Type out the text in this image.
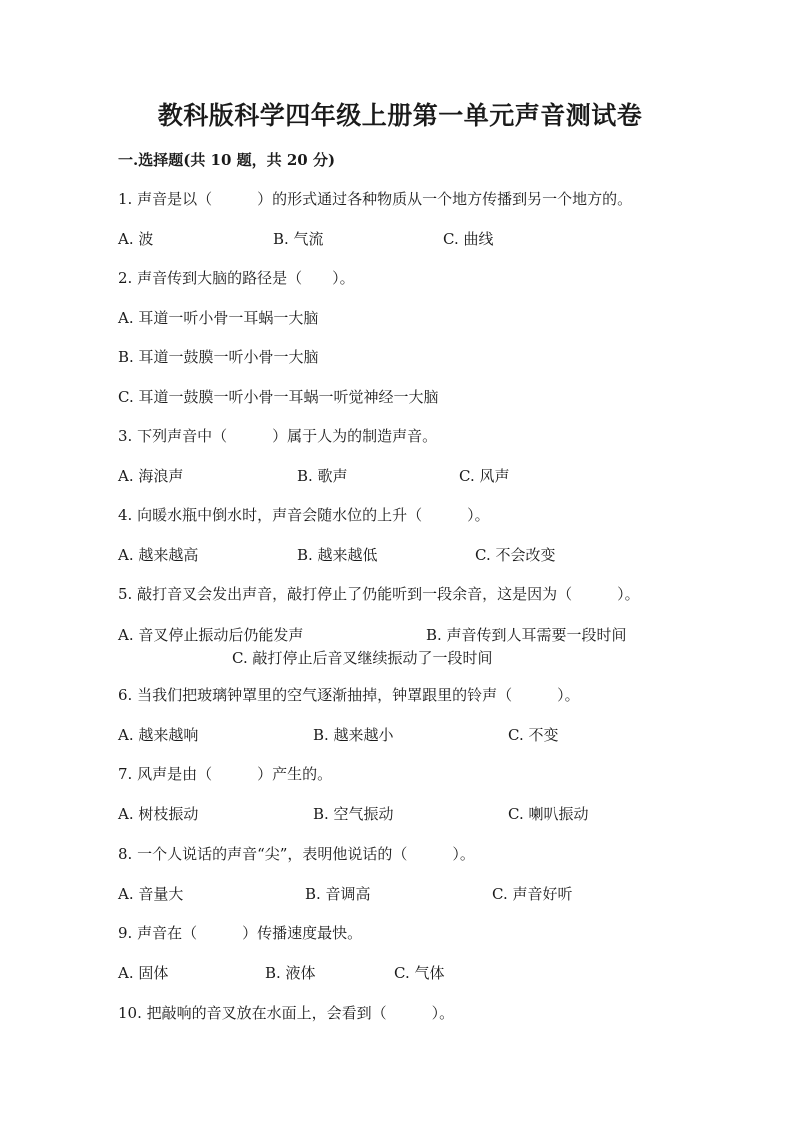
教科版科学四年级上册第一单元声音测试卷
一.选择题(共 10 题，共 20 分)
1. 声音是以（　　　）的形式通过各种物质从一个地方传播到另一个地方的。
A. 波	B. 气流	C. 曲线
2. 声音传到大脑的路径是（　　）。
A. 耳道一听小骨一耳蜗一大脑
B. 耳道一鼓膜一听小骨一大脑
C. 耳道一鼓膜一听小骨一耳蜗一听觉神经一大脑
3. 下列声音中（　　　）属于人为的制造声音。
A. 海浪声	B. 歌声	C. 风声
4. 向暖水瓶中倒水时，声音会随水位的上升（　　　）。
A. 越来越高	B. 越来越低	C. 不会改变
5. 敲打音叉会发出声音，敲打停止了仍能听到一段余音，这是因为（　　　）。
A. 音叉停止振动后仍能发声	B. 声音传到人耳需要一段时间
C. 敲打停止后音叉继续振动了一段时间
6. 当我们把玻璃钟罩里的空气逐渐抽掉，钟罩跟里的铃声（　　　）。
A. 越来越响	B. 越来越小	C. 不变
7. 风声是由（　　　）产生的。
A. 树枝振动	B. 空气振动	C. 喇叭振动
8. 一个人说话的声音“尖”，表明他说话的（　　　）。
A. 音量大	B. 音调高	C. 声音好听
9. 声音在（　　　）传播速度最快。
A. 固体	B. 液体	C. 气体
10. 把敲响的音叉放在水面上，会看到（　　　）。
